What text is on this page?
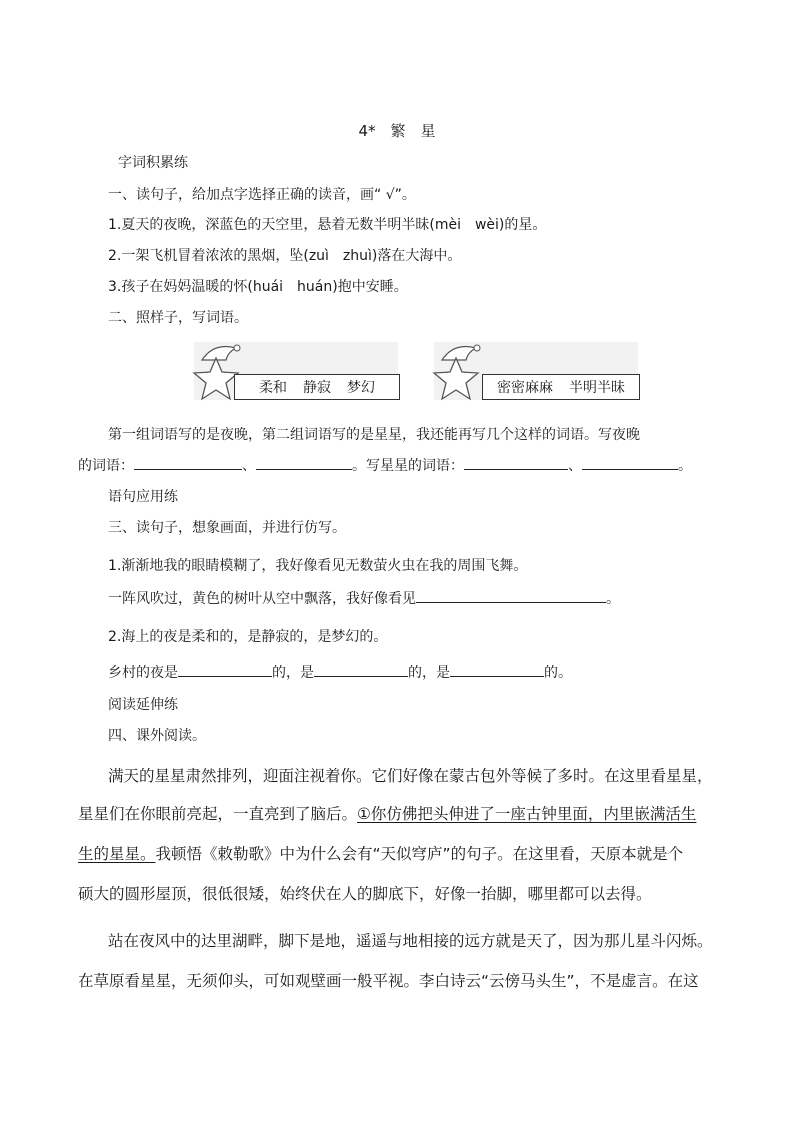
4*　繁　星
字词积累练
一、读句子，给加点字选择正确的读音，画“ √”。
1.夏天的夜晚，深蓝色的天空里，悬着无数半明半昧(mèi　wèi)的星。
2.一架飞机冒着浓浓的黑烟，坠(zuì　zhuì)落在大海中。
3.孩子在妈妈温暖的怀(huái　huán)抱中安睡。
二、照样子，写词语。
柔和 静寂 梦幻	密密麻麻 半明半昧
第一组词语写的是夜晚，第二组词语写的是星星，我还能再写几个这样的词语。写夜晚
的词语：	、	。写星星的词语：	、	。
语句应用练
三、读句子，想象画面，并进行仿写。
1.渐渐地我的眼睛模糊了，我好像看见无数萤火虫在我的周围飞舞。
一阵风吹过，黄色的树叶从空中飘落，我好像看见	。
2.海上的夜是柔和的，是静寂的，是梦幻的。
乡村的夜是	的，是	的，是	的。
阅读延伸练
四、课外阅读。
满天的星星肃然排列，迎面注视着你。它们好像在蒙古包外等候了多时。在这里看星星，
星星们在你眼前亮起，一直亮到了脑后。①你仿佛把头伸进了一座古钟里面，内里嵌满活生
生的星星。我顿悟《敕勒歌》中为什么会有“天似穹庐”的句子。在这里看，天原本就是个
硕大的圆形屋顶，很低很矮，始终伏在人的脚底下，好像一抬脚，哪里都可以去得。
站在夜风中的达里湖畔，脚下是地，遥遥与地相接的远方就是天了，因为那儿星斗闪烁。
在草原看星星，无须仰头，可如观壁画一般平视。李白诗云“云傍马头生”，不是虚言。在这
